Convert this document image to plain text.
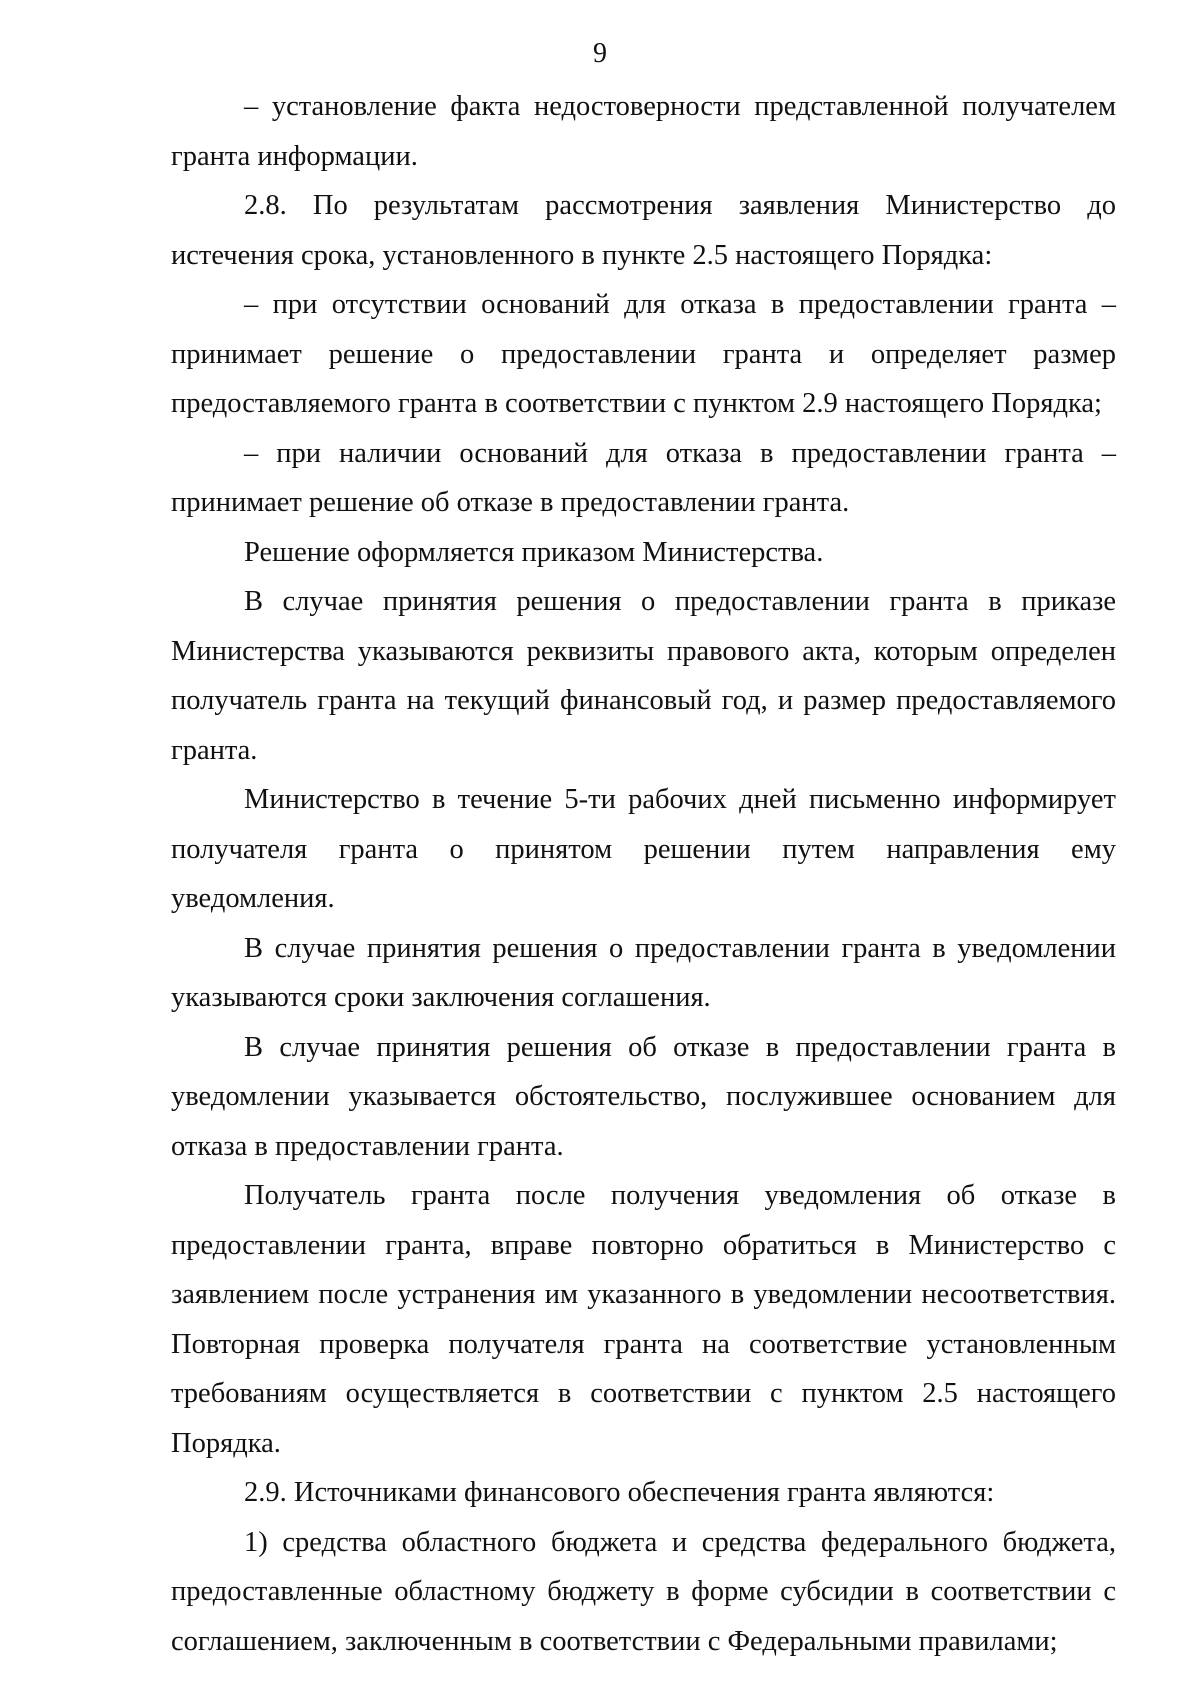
9

– установление факта недостоверности представленной получателем гранта информации.

2.8. По результатам рассмотрения заявления Министерство до истечения срока, установленного в пункте 2.5 настоящего Порядка:

– при отсутствии оснований для отказа в предоставлении гранта – принимает решение о предоставлении гранта и определяет размер предоставляемого гранта в соответствии с пунктом 2.9 настоящего Порядка;

– при наличии оснований для отказа в предоставлении гранта – принимает решение об отказе в предоставлении гранта.

Решение оформляется приказом Министерства.

В случае принятия решения о предоставлении гранта в приказе Министерства указываются реквизиты правового акта, которым определен получатель гранта на текущий финансовый год, и размер предоставляемого гранта.

Министерство в течение 5-ти рабочих дней письменно информирует получателя гранта о принятом решении путем направления ему уведомления.

В случае принятия решения о предоставлении гранта в уведомлении указываются сроки заключения соглашения.

В случае принятия решения об отказе в предоставлении гранта в уведомлении указывается обстоятельство, послужившее основанием для отказа в предоставлении гранта.

Получатель гранта после получения уведомления об отказе в предоставлении гранта, вправе повторно обратиться в Министерство с заявлением после устранения им указанного в уведомлении несоответствия. Повторная проверка получателя гранта на соответствие установленным требованиям осуществляется в соответствии с пунктом 2.5 настоящего Порядка.

2.9. Источниками финансового обеспечения гранта являются:

1) средства областного бюджета и средства федерального бюджета, предоставленные областному бюджету в форме субсидии в соответствии с соглашением, заключенным в соответствии с Федеральными правилами;
